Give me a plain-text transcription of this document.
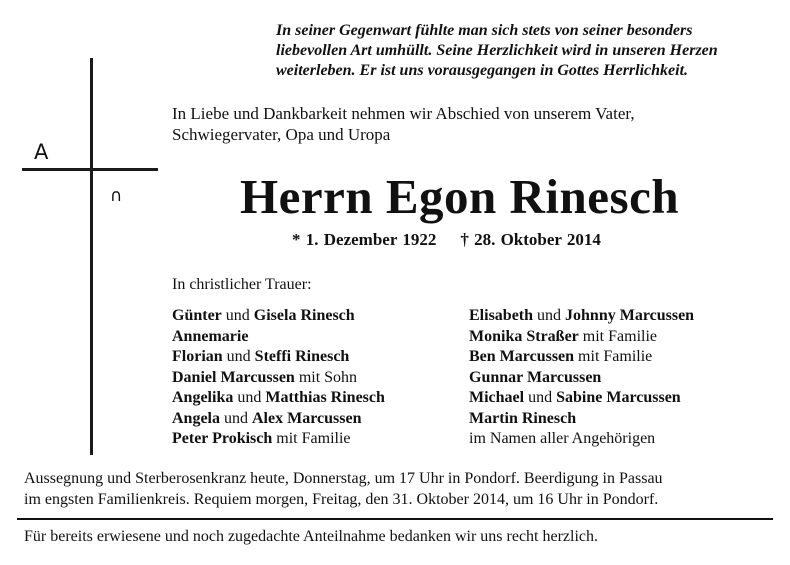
In seiner Gegenwart fühlte man sich stets von seiner besonders
liebevollen Art umhüllt. Seine Herzlichkeit wird in unseren Herzen
weiterleben. Er ist uns vorausgegangen in Gottes Herrlichkeit.
A
∩
In Liebe und Dankbarkeit nehmen wir Abschied von unserem Vater,
Schwiegervater, Opa und Uropa
Herrn Egon Rinesch
* 1. Dezember 1922 † 28. Oktober 2014
In christlicher Trauer:
Günter und Gisela Rinesch
Annemarie
Florian und Steffi Rinesch
Daniel Marcussen mit Sohn
Angelika und Matthias Rinesch
Angela und Alex Marcussen
Peter Prokisch mit Familie
Elisabeth und Johnny Marcussen
Monika Straßer mit Familie
Ben Marcussen mit Familie
Gunnar Marcussen
Michael und Sabine Marcussen
Martin Rinesch
im Namen aller Angehörigen
Aussegnung und Sterberosenkranz heute, Donnerstag, um 17 Uhr in Pondorf. Beerdigung in Passau
im engsten Familienkreis. Requiem morgen, Freitag, den 31. Oktober 2014, um 16 Uhr in Pondorf.
Für bereits erwiesene und noch zugedachte Anteilnahme bedanken wir uns recht herzlich.
